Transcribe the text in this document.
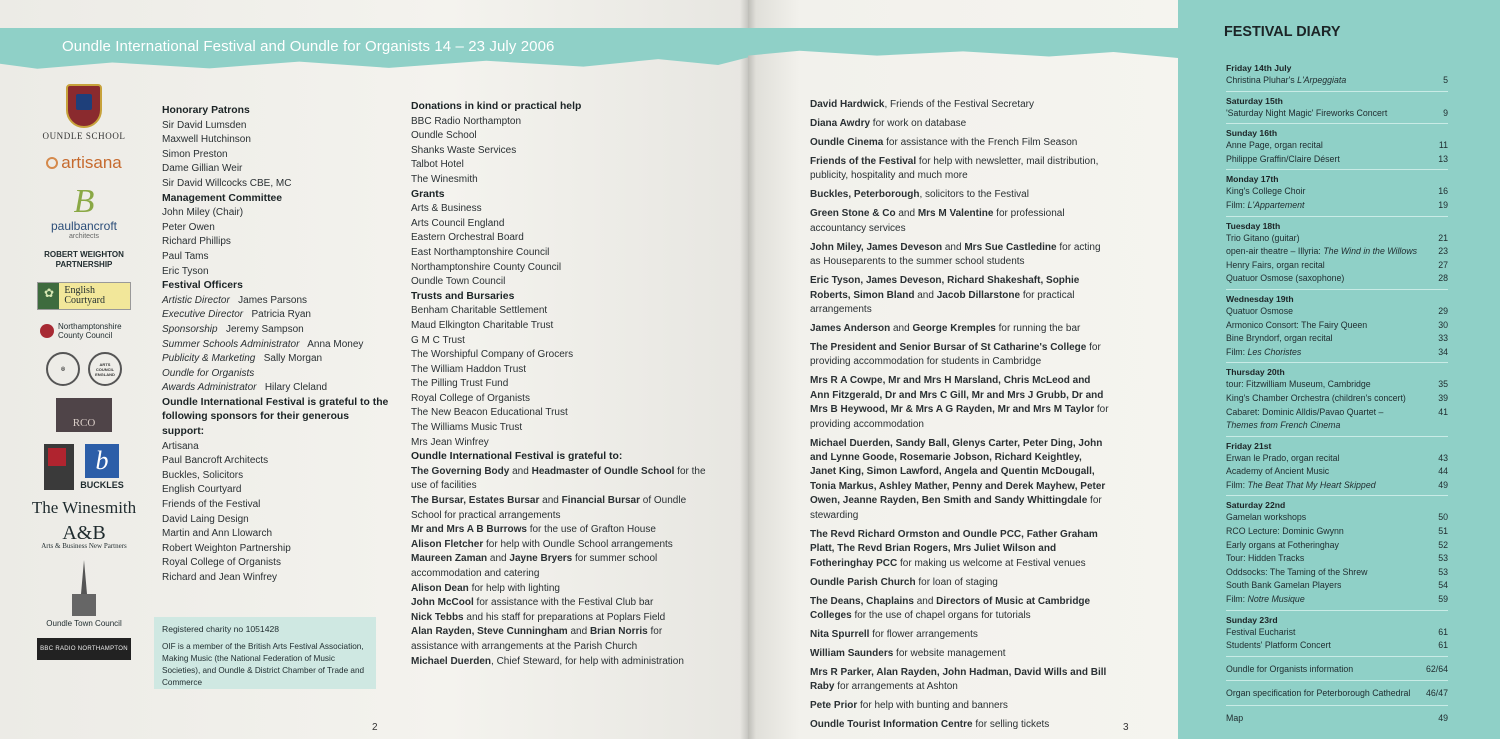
Oundle International Festival and Oundle for Organists 14 – 23 July 2006
OUNDLE SCHOOL
artisana
B
paulbancroft
architects
ROBERT WEIGHTON PARTNERSHIP
✿
English Courtyard
Northamptonshire County Council
◎
ARTS COUNCIL ENGLAND
RCO
b
BUCKLES
The Winesmith
A&B
Arts & Business New Partners
Oundle Town Council
BBC RADIO NORTHAMPTON

Honorary Patrons

Sir David Lumsden

Maxwell Hutchinson

Simon Preston

Dame Gillian Weir

Sir David Willcocks CBE, MC

Management Committee

John Miley (Chair)

Peter Owen

Richard Phillips

Paul Tams

Eric Tyson

Festival Officers

Artistic Director James Parsons

Executive Director Patricia Ryan

Sponsorship Jeremy Sampson

Summer Schools Administrator Anna Money

Publicity & Marketing Sally Morgan

Oundle for Organists

Awards Administrator Hilary Cleland

Oundle International Festival is grateful to the following sponsors for their generous support:

Artisana

Paul Bancroft Architects

Buckles, Solicitors

English Courtyard

Friends of the Festival

David Laing Design

Martin and Ann Llowarch

Robert Weighton Partnership

Royal College of Organists

Richard and Jean Winfrey

Registered charity no 1051428

OIF is a member of the British Arts Festival Association, Making Music (the National Federation of Music Societies), and Oundle & District Chamber of Trade and Commerce

Donations in kind or practical help

BBC Radio Northampton

Oundle School

Shanks Waste Services

Talbot Hotel

The Winesmith

Grants

Arts & Business

Arts Council England

Eastern Orchestral Board

East Northamptonshire Council

Northamptonshire County Council

Oundle Town Council

Trusts and Bursaries

Benham Charitable Settlement

Maud Elkington Charitable Trust

G M C Trust

The Worshipful Company of Grocers

The William Haddon Trust

The Pilling Trust Fund

Royal College of Organists

The New Beacon Educational Trust

The Williams Music Trust

Mrs Jean Winfrey

Oundle International Festival is grateful to:

The Governing Body and Headmaster of Oundle School for the use of facilities

The Bursar, Estates Bursar and Financial Bursar of Oundle School for practical arrangements

Mr and Mrs A B Burrows for the use of Grafton House

Alison Fletcher for help with Oundle School arrangements

Maureen Zaman and Jayne Bryers for summer school accommodation and catering

Alison Dean for help with lighting

John McCool for assistance with the Festival Club bar

Nick Tebbs and his staff for preparations at Poplars Field

Alan Rayden, Steve Cunningham and Brian Norris for assistance with arrangements at the Parish Church

Michael Duerden, Chief Steward, for help with administration

David Hardwick, Friends of the Festival Secretary

Diana Awdry for work on database

Oundle Cinema for assistance with the French Film Season

Friends of the Festival for help with newsletter, mail distribution, publicity, hospitality and much more

Buckles, Peterborough, solicitors to the Festival

Green Stone & Co and Mrs M Valentine for professional accountancy services

John Miley, James Deveson and Mrs Sue Castledine for acting as Houseparents to the summer school students

Eric Tyson, James Deveson, Richard Shakeshaft, Sophie Roberts, Simon Bland and Jacob Dillarstone for practical arrangements

James Anderson and George Kremples for running the bar

The President and Senior Bursar of St Catharine's College for providing accommodation for students in Cambridge

Mrs R A Cowpe, Mr and Mrs H Marsland, Chris McLeod and Ann Fitzgerald, Dr and Mrs C Gill, Mr and Mrs J Grubb, Dr and Mrs B Heywood, Mr & Mrs A G Rayden, Mr and Mrs M Taylor for providing accommodation

Michael Duerden, Sandy Ball, Glenys Carter, Peter Ding, John and Lynne Goode, Rosemarie Jobson, Richard Keightley, Janet King, Simon Lawford, Angela and Quentin McDougall, Tonia Markus, Ashley Mather, Penny and Derek Mayhew, Peter Owen, Jeanne Rayden, Ben Smith and Sandy Whittingdale for stewarding

The Revd Richard Ormston and Oundle PCC, Father Graham Platt, The Revd Brian Rogers, Mrs Juliet Wilson and Fotheringhay PCC for making us welcome at Festival venues

Oundle Parish Church for loan of staging

The Deans, Chaplains and Directors of Music at Cambridge Colleges for the use of chapel organs for tutorials

Nita Spurrell for flower arrangements

William Saunders for website management

Mrs R Parker, Alan Rayden, John Hadman, David Wills and Bill Raby for arrangements at Ashton

Pete Prior for help with bunting and banners

Oundle Tourist Information Centre for selling tickets

2	3
FESTIVAL DIARY
Friday 14th July
Christina Pluhar's L'Arpeggiata	5
Saturday 15th
'Saturday Night Magic' Fireworks Concert	9
Sunday 16th
Anne Page, organ recital	11
Philippe Graffin/Claire Désert	13
Monday 17th
King's College Choir	16
Film: L'Appartement	19
Tuesday 18th
Trio Gitano (guitar)	21
open-air theatre – Illyria: The Wind in the Willows	23
Henry Fairs, organ recital	27
Quatuor Osmose (saxophone)	28
Wednesday 19th
Quatuor Osmose	29
Armonico Consort: The Fairy Queen	30
Bine Bryndorf, organ recital	33
Film: Les Choristes	34
Thursday 20th
tour: Fitzwilliam Museum, Cambridge	35
King's Chamber Orchestra (children's concert)	39
Cabaret: Dominic Alldis/Pavao Quartet –	41
Themes from French Cinema
Friday 21st
Erwan le Prado, organ recital	43
Academy of Ancient Music	44
Film: The Beat That My Heart Skipped	49
Saturday 22nd
Gamelan workshops	50
RCO Lecture: Dominic Gwynn	51
Early organs at Fotheringhay	52
Tour: Hidden Tracks	53
Oddsocks: The Taming of the Shrew	53
South Bank Gamelan Players	54
Film: Notre Musique	59
Sunday 23rd
Festival Eucharist	61
Students' Platform Concert	61
Oundle for Organists information	62/64
Organ specification for Peterborough Cathedral 46/47
Map	49
